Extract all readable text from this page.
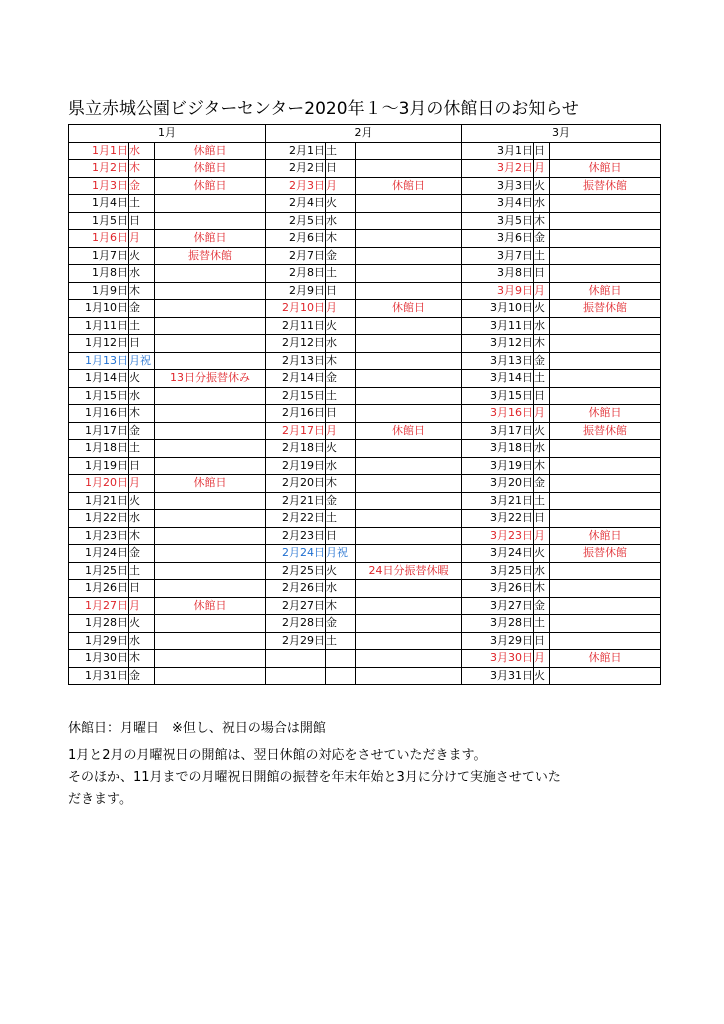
県立赤城公園ビジターセンター2020年１～3月の休館日のお知らせ
1月			2月			3月		
1月1日	水	休館日	2月1日	土		3月1日	日	
1月2日	木	休館日	2月2日	日		3月2日	月	休館日
1月3日	金	休館日	2月3日	月	休館日	3月3日	火	振替休館
1月4日	土		2月4日	火		3月4日	水	
1月5日	日		2月5日	水		3月5日	木	
1月6日	月	休館日	2月6日	木		3月6日	金	
1月7日	火	振替休館	2月7日	金		3月7日	土	
1月8日	水		2月8日	土		3月8日	日	
1月9日	木		2月9日	日		3月9日	月	休館日
1月10日	金		2月10日	月	休館日	3月10日	火	振替休館
1月11日	土		2月11日	火		3月11日	水	
1月12日	日		2月12日	水		3月12日	木	
1月13日	月祝		2月13日	木		3月13日	金	
1月14日	火	13日分振替休み	2月14日	金		3月14日	土	
1月15日	水		2月15日	土		3月15日	日	
1月16日	木		2月16日	日		3月16日	月	休館日
1月17日	金		2月17日	月	休館日	3月17日	火	振替休館
1月18日	土		2月18日	火		3月18日	水	
1月19日	日		2月19日	水		3月19日	木	
1月20日	月	休館日	2月20日	木		3月20日	金	
1月21日	火		2月21日	金		3月21日	土	
1月22日	水		2月22日	土		3月22日	日	
1月23日	木		2月23日	日		3月23日	月	休館日
1月24日	金		2月24日	月祝		3月24日	火	振替休館
1月25日	土		2月25日	火	24日分振替休暇	3月25日	水	
1月26日	日		2月26日	水		3月26日	木	
1月27日	月	休館日	2月27日	木		3月27日	金	
1月28日	火		2月28日	金		3月28日	土	
1月29日	水		2月29日	土		3月29日	日	
1月30日	木					3月30日	月	休館日
1月31日	金					3月31日	火	
休館日：月曜日　※但し、祝日の場合は開館
1月と2月の月曜祝日の開館は、翌日休館の対応をさせていただきます。
そのほか、11月までの月曜祝日開館の振替を年末年始と3月に分けて実施させていた
だきます。
